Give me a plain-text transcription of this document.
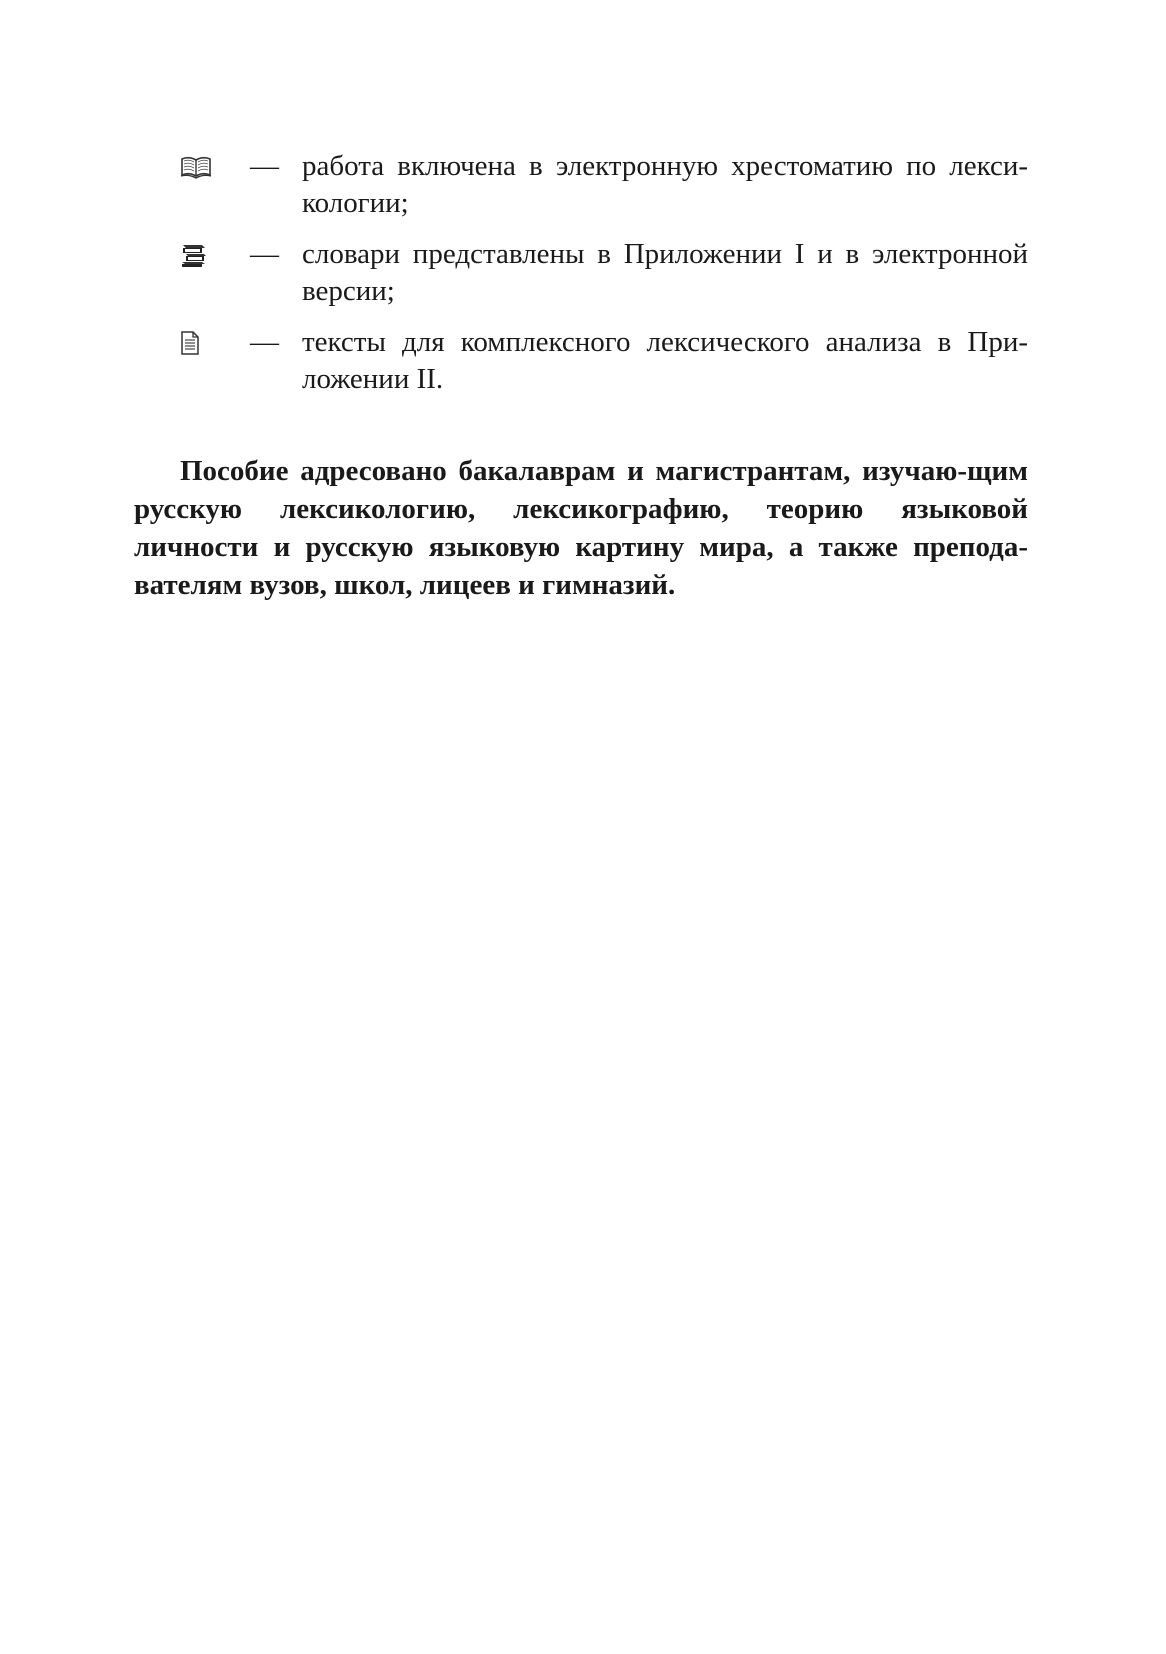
— работа включена в электронную хрестоматию по лекси-кологии;
— словари представлены в Приложении I и в электронной версии;
— тексты для комплексного лексического анализа в При-ложении II.

Пособие адресовано бакалаврам и магистрантам, изучаю-щим русскую лексикологию, лексикографию, теорию языковой личности и русскую языковую картину мира, а также препода-вателям вузов, школ, лицеев и гимназий.
